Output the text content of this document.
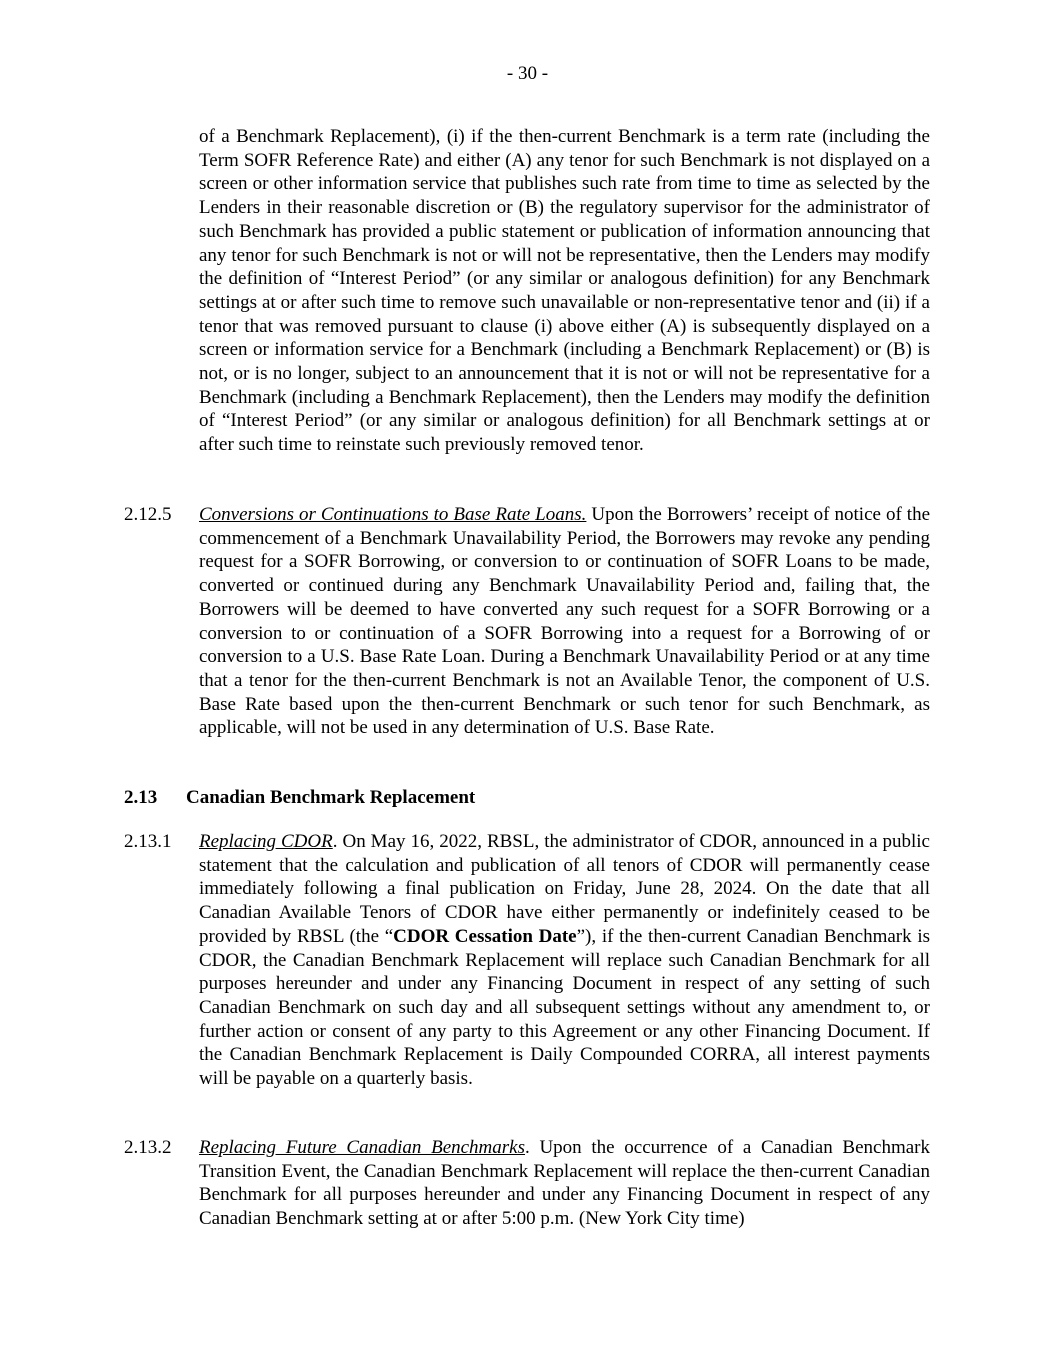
- 30 -

of a Benchmark Replacement), (i) if the then-current Benchmark is a term rate (including the Term SOFR Reference Rate) and either (A) any tenor for such Benchmark is not displayed on a screen or other information service that publishes such rate from time to time as selected by the Lenders in their reasonable discretion or (B) the regulatory supervisor for the administrator of such Benchmark has provided a public statement or publication of information announcing that any tenor for such Benchmark is not or will not be representative, then the Lenders may modify the definition of “Interest Period” (or any similar or analogous definition) for any Benchmark settings at or after such time to remove such unavailable or non-representative tenor and (ii) if a tenor that was removed pursuant to clause (i) above either (A) is subsequently displayed on a screen or information service for a Benchmark (including a Benchmark Replacement) or (B) is not, or is no longer, subject to an announcement that it is not or will not be representative for a Benchmark (including a Benchmark Replacement), then the Lenders may modify the definition of “Interest Period” (or any similar or analogous definition) for all Benchmark settings at or after such time to reinstate such previously removed tenor.

2.12.5 Conversions or Continuations to Base Rate Loans. Upon the Borrowers’ receipt of notice of the commencement of a Benchmark Unavailability Period, the Borrowers may revoke any pending request for a SOFR Borrowing, or conversion to or continuation of SOFR Loans to be made, converted or continued during any Benchmark Unavailability Period and, failing that, the Borrowers will be deemed to have converted any such request for a SOFR Borrowing or a conversion to or continuation of a SOFR Borrowing into a request for a Borrowing of or conversion to a U.S. Base Rate Loan. During a Benchmark Unavailability Period or at any time that a tenor for the then-current Benchmark is not an Available Tenor, the component of U.S. Base Rate based upon the then-current Benchmark or such tenor for such Benchmark, as applicable, will not be used in any determination of U.S. Base Rate.

2.13 Canadian Benchmark Replacement
2.13.1 Replacing CDOR. On May 16, 2022, RBSL, the administrator of CDOR, announced in a public statement that the calculation and publication of all tenors of CDOR will permanently cease immediately following a final publication on Friday, June 28, 2024. On the date that all Canadian Available Tenors of CDOR have either permanently or indefinitely ceased to be provided by RBSL (the “CDOR Cessation Date”), if the then-current Canadian Benchmark is CDOR, the Canadian Benchmark Replacement will replace such Canadian Benchmark for all purposes hereunder and under any Financing Document in respect of any setting of such Canadian Benchmark on such day and all subsequent settings without any amendment to, or further action or consent of any party to this Agreement or any other Financing Document. If the Canadian Benchmark Replacement is Daily Compounded CORRA, all interest payments will be payable on a quarterly basis.

2.13.2 Replacing Future Canadian Benchmarks. Upon the occurrence of a Canadian Benchmark Transition Event, the Canadian Benchmark Replacement will replace the then-current Canadian Benchmark for all purposes hereunder and under any Financing Document in respect of any Canadian Benchmark setting at or after 5:00 p.m. (New York City time)
